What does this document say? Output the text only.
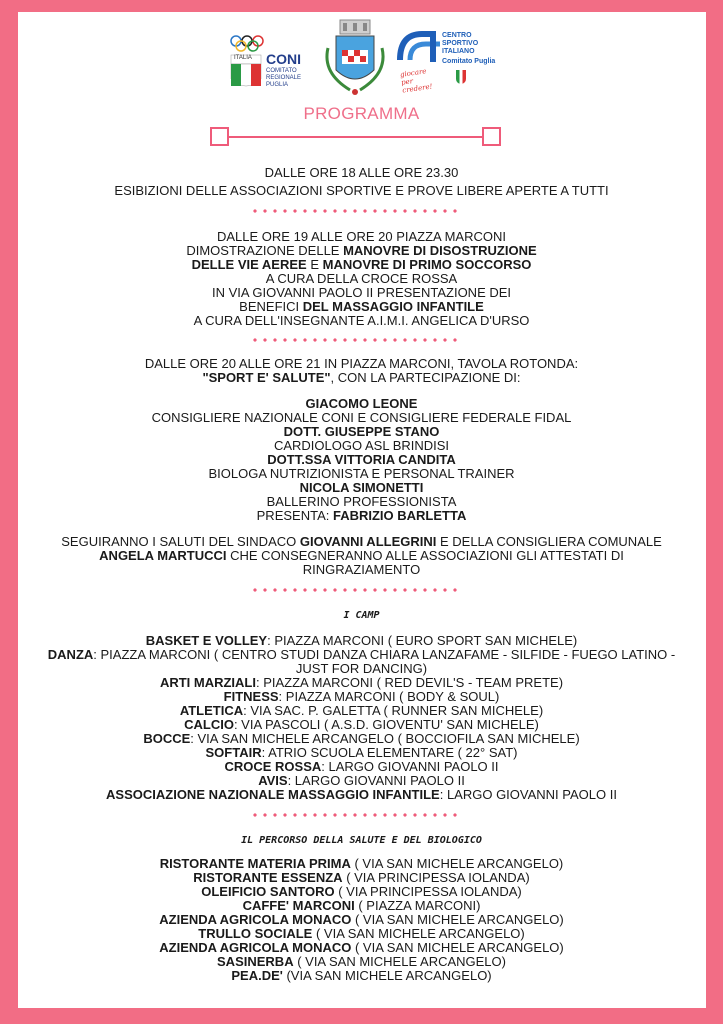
CONI
ITALIA
COMITATO
REGIONALE
PUGLIA
CENTRO
SPORTIVO
ITALIANO
Comitato Puglia
giocare per credere!
PROGRAMMA
DALLE ORE 18 ALLE ORE 23.30
ESIBIZIONI DELLE ASSOCIAZIONI SPORTIVE E PROVE LIBERE APERTE A TUTTI
DALLE ORE 19 ALLE ORE 20 PIAZZA MARCONI
DIMOSTRAZIONE DELLE MANOVRE DI DISOSTRUZIONE
DELLE VIE AEREE E MANOVRE DI PRIMO SOCCORSO
A CURA DELLA CROCE ROSSA
IN VIA GIOVANNI PAOLO II PRESENTAZIONE DEI
BENEFICI DEL MASSAGGIO INFANTILE
A CURA DELL'INSEGNANTE A.I.M.I. ANGELICA D'URSO
DALLE ORE 20 ALLE ORE 21 IN PIAZZA MARCONI, TAVOLA ROTONDA:
"SPORT E' SALUTE", CON LA PARTECIPAZIONE DI:
GIACOMO LEONE
CONSIGLIERE NAZIONALE CONI E CONSIGLIERE FEDERALE FIDAL
DOTT. GIUSEPPE STANO
CARDIOLOGO ASL BRINDISI
DOTT.SSA VITTORIA CANDITA
BIOLOGA NUTRIZIONISTA E PERSONAL TRAINER
NICOLA SIMONETTI
BALLERINO PROFESSIONISTA
PRESENTA: FABRIZIO BARLETTA
SEGUIRANNO I SALUTI DEL SINDACO GIOVANNI ALLEGRINI E DELLA CONSIGLIERA COMUNALE
ANGELA MARTUCCI CHE CONSEGNERANNO ALLE ASSOCIAZIONI GLI ATTESTATI DI
RINGRAZIAMENTO
I CAMP
BASKET E VOLLEY: PIAZZA MARCONI ( EURO SPORT SAN MICHELE)
DANZA: PIAZZA MARCONI ( CENTRO STUDI DANZA CHIARA LANZAFAME - SILFIDE - FUEGO LATINO -
JUST FOR DANCING)
ARTI MARZIALI: PIAZZA MARCONI ( RED DEVIL'S - TEAM PRETE)
FITNESS: PIAZZA MARCONI ( BODY & SOUL)
ATLETICA: VIA SAC. P. GALETTA ( RUNNER SAN MICHELE)
CALCIO: VIA PASCOLI ( A.S.D. GIOVENTU' SAN MICHELE)
BOCCE: VIA SAN MICHELE ARCANGELO ( BOCCIOFILA SAN MICHELE)
SOFTAIR: ATRIO SCUOLA ELEMENTARE ( 22° SAT)
CROCE ROSSA: LARGO GIOVANNI PAOLO II
AVIS: LARGO GIOVANNI PAOLO II
ASSOCIAZIONE NAZIONALE MASSAGGIO INFANTILE: LARGO GIOVANNI PAOLO II
IL PERCORSO DELLA SALUTE E DEL BIOLOGICO
RISTORANTE MATERIA PRIMA ( VIA SAN MICHELE ARCANGELO)
RISTORANTE ESSENZA ( VIA PRINCIPESSA IOLANDA)
OLEIFICIO SANTORO ( VIA PRINCIPESSA IOLANDA)
CAFFE' MARCONI ( PIAZZA MARCONI)
AZIENDA AGRICOLA MONACO ( VIA SAN MICHELE ARCANGELO)
TRULLO SOCIALE ( VIA SAN MICHELE ARCANGELO)
AZIENDA AGRICOLA MONACO ( VIA SAN MICHELE ARCANGELO)
SASINERBA ( VIA SAN MICHELE ARCANGELO)
PEA.DE' (VIA SAN MICHELE ARCANGELO)
